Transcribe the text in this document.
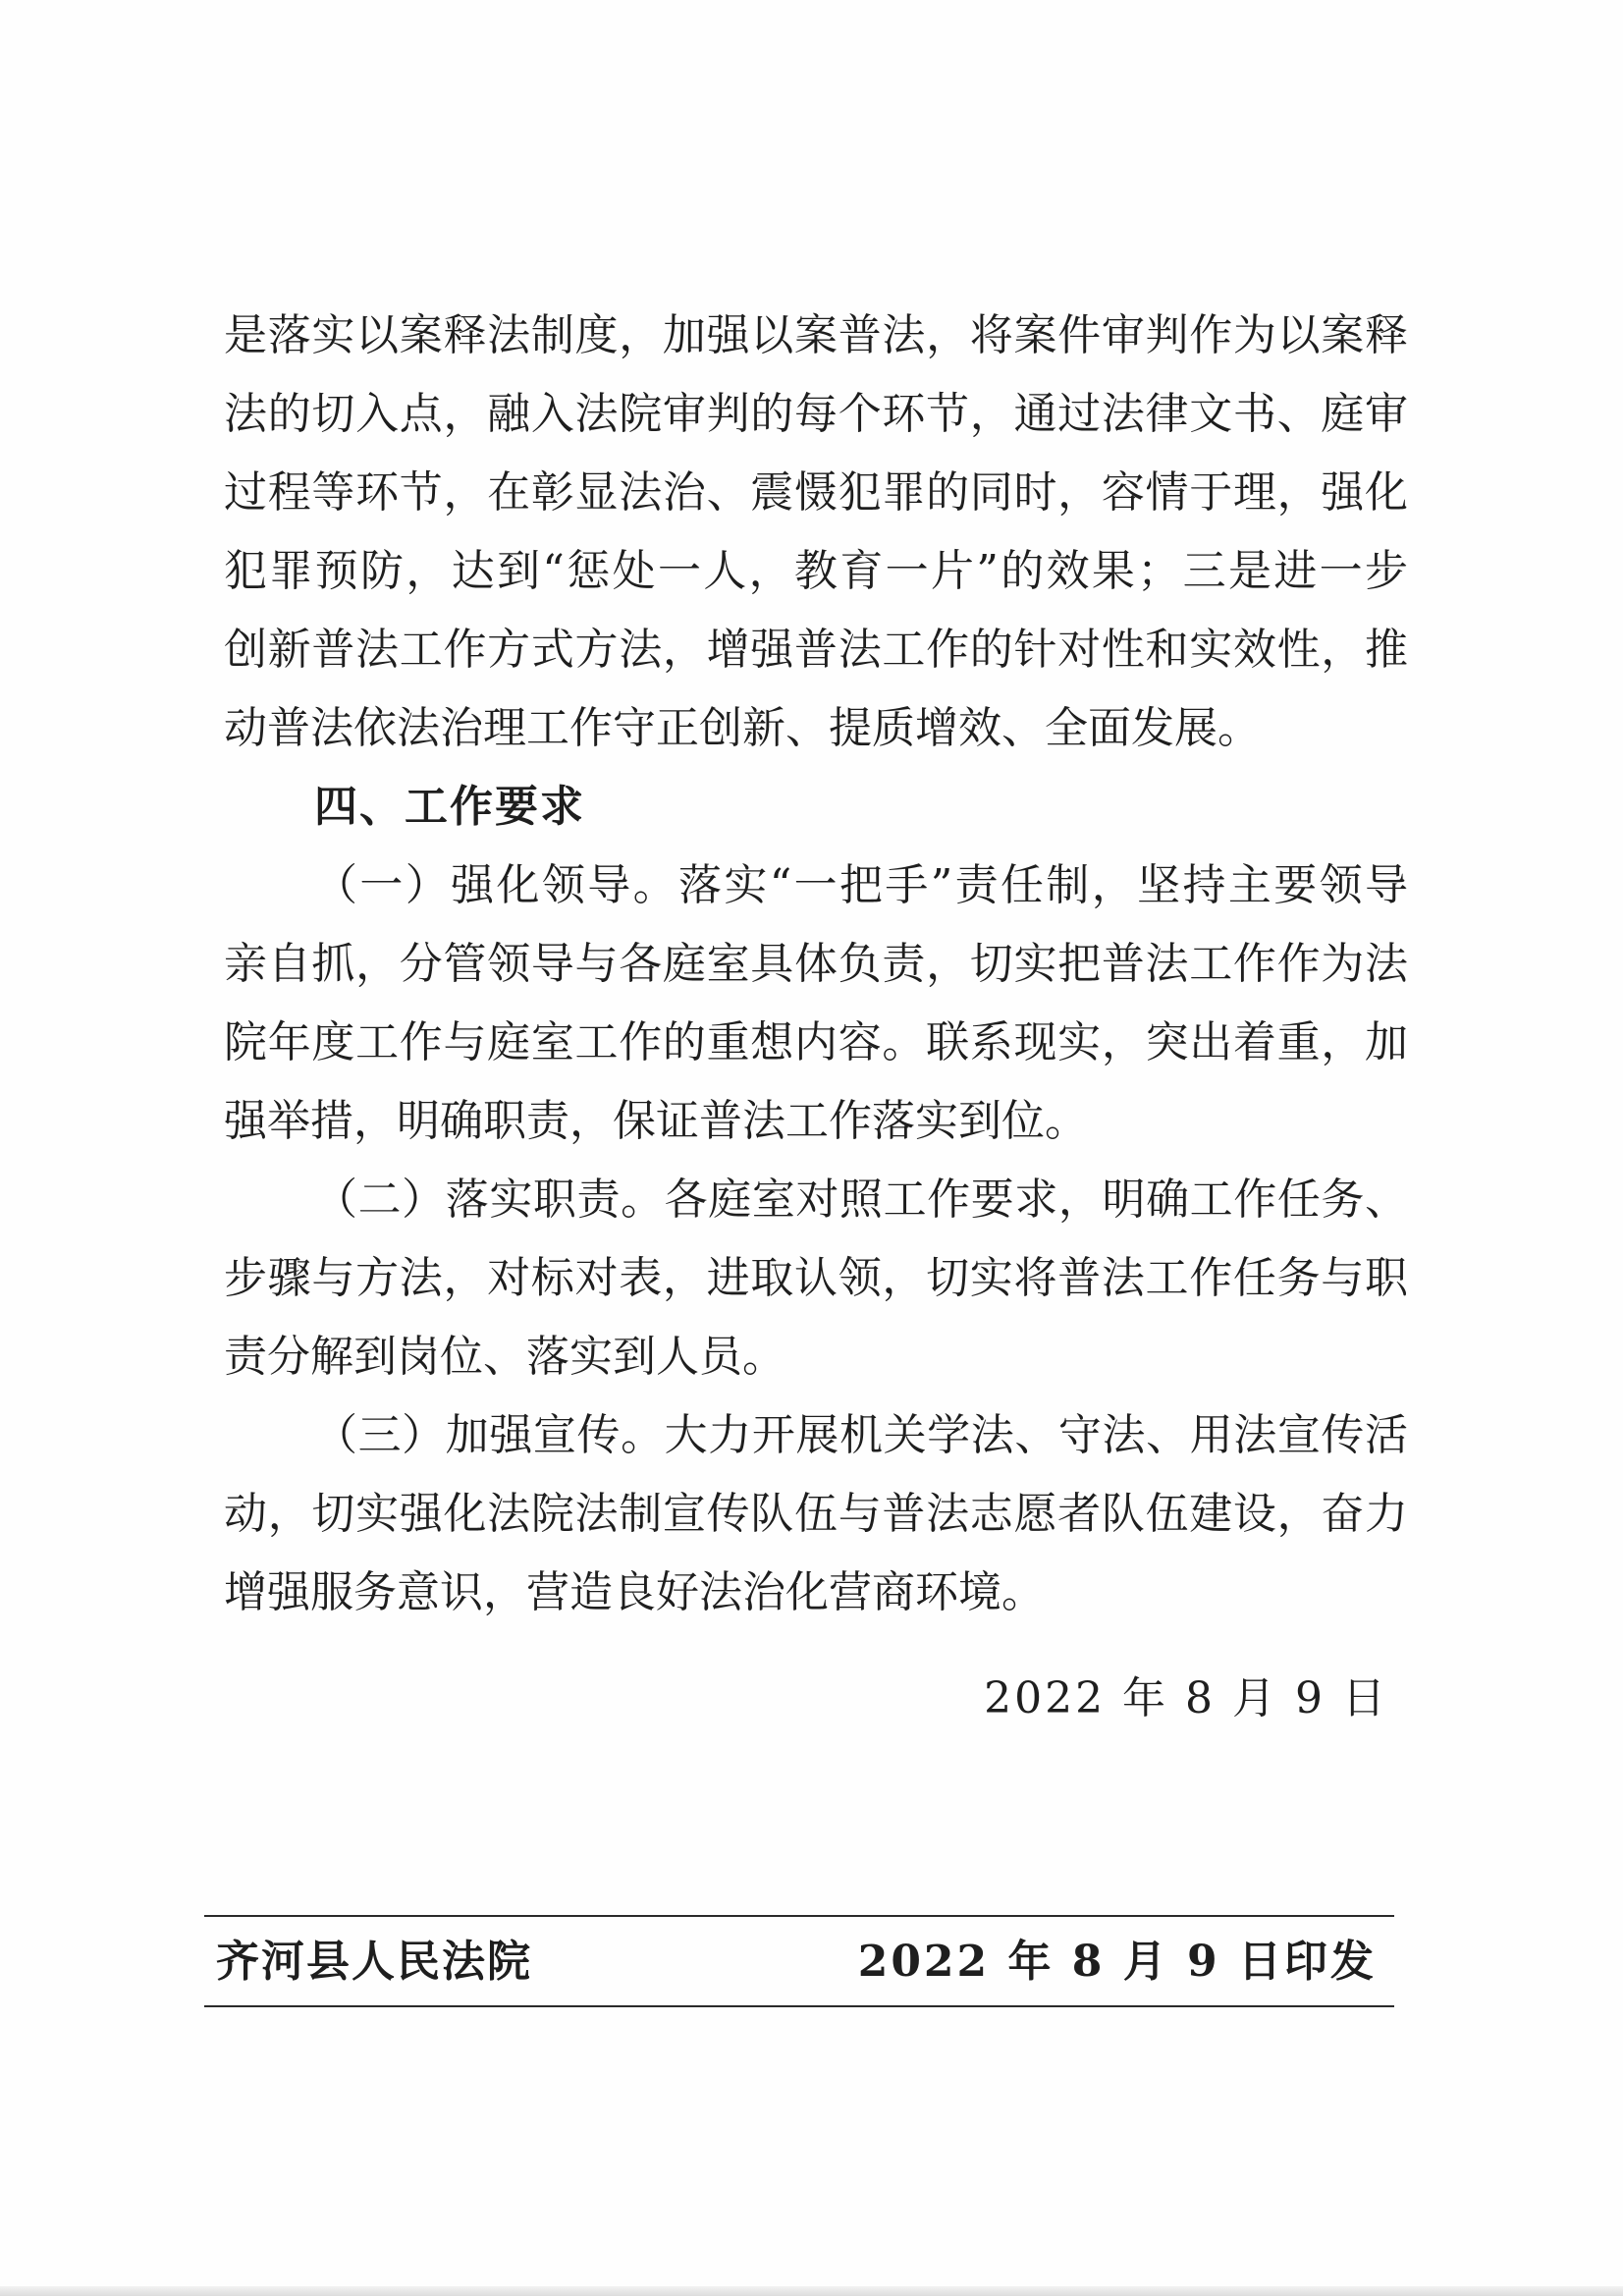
是落实以案释法制度，加强以案普法，将案件审判作为以案释
法的切入点，融入法院审判的每个环节，通过法律文书、庭审
过程等环节，在彰显法治、震慑犯罪的同时，容情于理，强化
犯罪预防，达到“惩处一人，教育一片”的效果；三是进一步
创新普法工作方式方法，增强普法工作的针对性和实效性，推
动普法依法治理工作守正创新、提质增效、全面发展。
四、工作要求
（一）强化领导。落实“一把手”责任制，坚持主要领导
亲自抓，分管领导与各庭室具体负责，切实把普法工作作为法
院年度工作与庭室工作的重想内容。联系现实，突出着重，加
强举措，明确职责，保证普法工作落实到位。
（二）落实职责。各庭室对照工作要求，明确工作任务、
步骤与方法，对标对表，进取认领，切实将普法工作任务与职
责分解到岗位、落实到人员。
（三）加强宣传。大力开展机关学法、守法、用法宣传活
动，切实强化法院法制宣传队伍与普法志愿者队伍建设，奋力
增强服务意识，营造良好法治化营商环境。
2022 年 8 月 9 日
齐河县人民法院	2022 年 8 月 9 日印发
